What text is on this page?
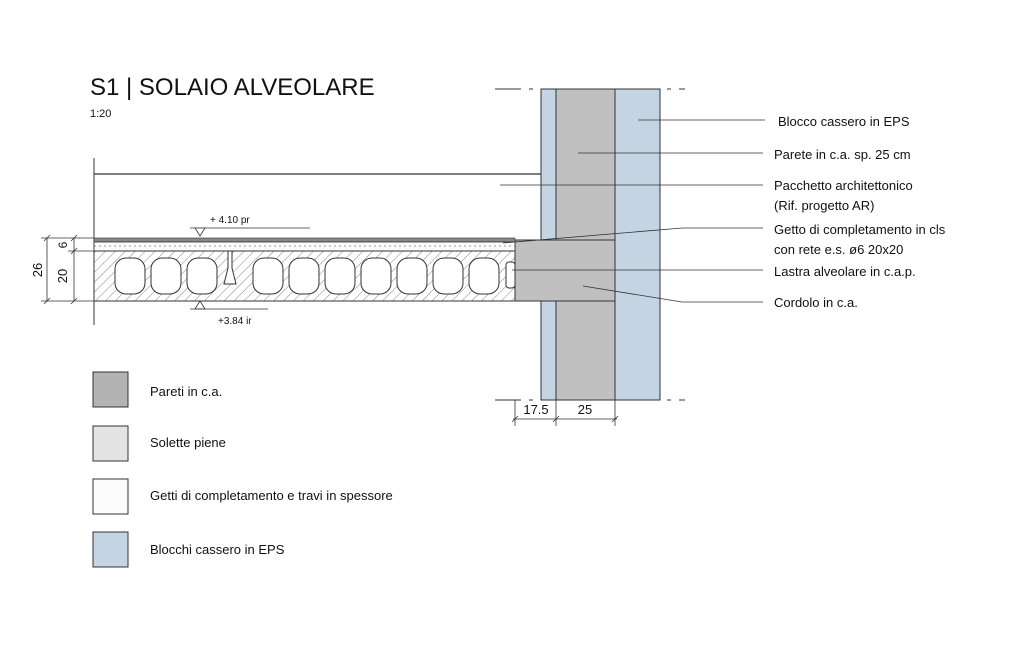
S1 | SOLAIO ALVEOLARE
1:20
+ 4.10 pr
+3.84 ir
26
6
20
17.5 25
Blocco cassero in EPS
Parete in c.a. sp. 25 cm
Pacchetto architettonico
(Rif. progetto AR)
Getto di completamento in cls
con rete e.s. ø6 20x20
Lastra alveolare in c.a.p.
Cordolo in c.a.
Pareti in c.a.
Solette piene
Getti di completamento e travi in spessore
Blocchi cassero in EPS
